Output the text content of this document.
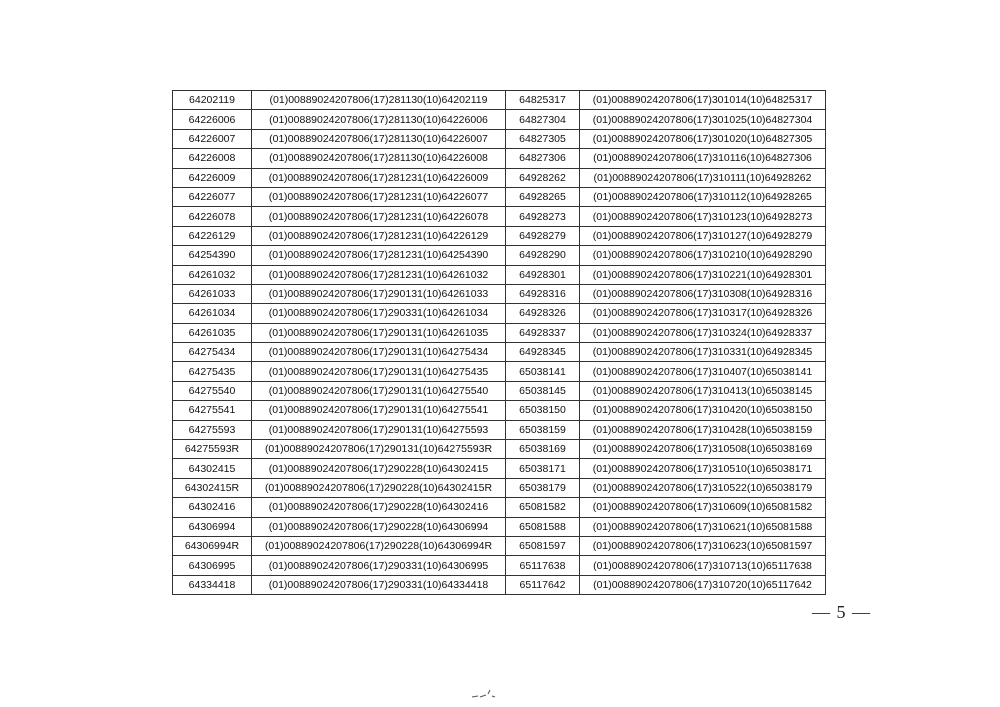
64202119	(01)00889024207806(17)281130(10)64202119	64825317	(01)00889024207806(17)301014(10)64825317
64226006	(01)00889024207806(17)281130(10)64226006	64827304	(01)00889024207806(17)301025(10)64827304
64226007	(01)00889024207806(17)281130(10)64226007	64827305	(01)00889024207806(17)301020(10)64827305
64226008	(01)00889024207806(17)281130(10)64226008	64827306	(01)00889024207806(17)310116(10)64827306
64226009	(01)00889024207806(17)281231(10)64226009	64928262	(01)00889024207806(17)310111(10)64928262
64226077	(01)00889024207806(17)281231(10)64226077	64928265	(01)00889024207806(17)310112(10)64928265
64226078	(01)00889024207806(17)281231(10)64226078	64928273	(01)00889024207806(17)310123(10)64928273
64226129	(01)00889024207806(17)281231(10)64226129	64928279	(01)00889024207806(17)310127(10)64928279
64254390	(01)00889024207806(17)281231(10)64254390	64928290	(01)00889024207806(17)310210(10)64928290
64261032	(01)00889024207806(17)281231(10)64261032	64928301	(01)00889024207806(17)310221(10)64928301
64261033	(01)00889024207806(17)290131(10)64261033	64928316	(01)00889024207806(17)310308(10)64928316
64261034	(01)00889024207806(17)290331(10)64261034	64928326	(01)00889024207806(17)310317(10)64928326
64261035	(01)00889024207806(17)290131(10)64261035	64928337	(01)00889024207806(17)310324(10)64928337
64275434	(01)00889024207806(17)290131(10)64275434	64928345	(01)00889024207806(17)310331(10)64928345
64275435	(01)00889024207806(17)290131(10)64275435	65038141	(01)00889024207806(17)310407(10)65038141
64275540	(01)00889024207806(17)290131(10)64275540	65038145	(01)00889024207806(17)310413(10)65038145
64275541	(01)00889024207806(17)290131(10)64275541	65038150	(01)00889024207806(17)310420(10)65038150
64275593	(01)00889024207806(17)290131(10)64275593	65038159	(01)00889024207806(17)310428(10)65038159
64275593R	(01)00889024207806(17)290131(10)64275593R	65038169	(01)00889024207806(17)310508(10)65038169
64302415	(01)00889024207806(17)290228(10)64302415	65038171	(01)00889024207806(17)310510(10)65038171
64302415R	(01)00889024207806(17)290228(10)64302415R	65038179	(01)00889024207806(17)310522(10)65038179
64302416	(01)00889024207806(17)290228(10)64302416	65081582	(01)00889024207806(17)310609(10)65081582
64306994	(01)00889024207806(17)290228(10)64306994	65081588	(01)00889024207806(17)310621(10)65081588
64306994R	(01)00889024207806(17)290228(10)64306994R	65081597	(01)00889024207806(17)310623(10)65081597
64306995	(01)00889024207806(17)290331(10)64306995	65117638	(01)00889024207806(17)310713(10)65117638
64334418	(01)00889024207806(17)290331(10)64334418	65117642	(01)00889024207806(17)310720(10)65117642
— 5 —
